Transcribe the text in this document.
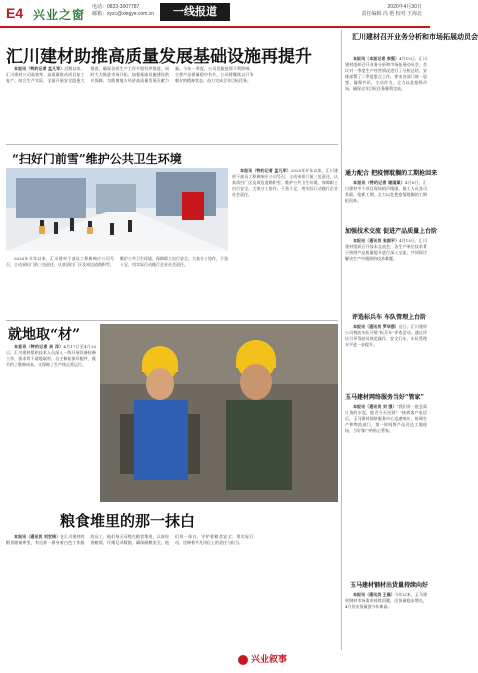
E4 兴业之窗
电话：0833-3007787
邮箱：xyzc@xingye.com.cn	一线报道	2020年4月30日
责任编辑 冯 艳 校对 王海北
汇川建材助推高质量发展基础设施再提升

本报讯（特约记者 孟凡军）近期以来，汇川建材公司高效率、高质量推动项目复工复产，结合生产实际，全面开展安全隐患大排查，确保各项生产工作平稳有序推进。同时大力推进市场开拓，加强基础设施建设供应保障，为助推地方经济高质量发展贡献力量。今年一季度，公司克服疫情不利影响，主要产品销量稳中有升，公司将继续以只争朝夕的精神状态，奋力完成全年目标任务。

“扫好门前雪”维护公共卫生环境

本报讯（特约记者 孟凡军）2020年开年以来，汇川建材干部员工积极响应公司号召，主动承担门前三包责任，认真清扫厂区及周边道路积雪，维护公共卫生环境，保障职工出行安全。大家分工协作，干劲十足，用实际行动践行企业社会责任。

2020年开年以来，汇川建材干部员工积极响应公司号召，主动承担门前三包责任，认真清扫厂区及周边道路积雪，维护公共卫生环境，保障职工出行安全。大家分工协作，干劲十足，用实际行动践行企业社会责任。

汇川建材召开业务分析和市场拓展动员会

本报讯（本报记者 李强）4月15日，汇川建材组织召开业务分析和市场拓展动员会。会议对一季度生产经营情况进行了分析总结，安排部署了二季度重点工作，要求各部门统一思想、凝聚共识，主动作为，全力以赴抢抓市场，确保全年目标任务顺利完成。

通力配合 把疫情耽搁的工期抢回来

本报讯（特约记者 谢国斌）4月6日，汇川建材多个项目现场机声隆隆，施工人员各司其职，抢抓工期，全力以赴把疫情耽搁的工期抢回来。

加强技术交流 促进产品质量上台阶

本报讯（通讯员 张国平）4月15日，汇川建材组织召开技术交流会，各生产单位技术骨干围绕产品质量提升进行深入交流，共同探讨解决生产中遇到的技术难题。

评选标兵车 车队管理上台阶

本报讯（通讯员 罗华强）近日，汇川建材公司物流车队开展“标兵车”评选活动，通过评比引导驾驶员规范操作、安全行车，车队管理水平进一步提升。

玉马建材网络服务当好“管家”

本报讯（通讯员 刘 强）“我们有一批急需订货的水泥，能否今天送到？”接到客户电话后，玉马建材网络服务中心迅速响应，协调生产和物流部门，第一时间将产品送达工地现场，当好客户的贴心管家。

玉马建材钢材出货量持续向好

本报讯（通讯员 王磊）今年以来，玉马建材钢材市场需求持续回暖，出货量稳步增长，4月份出货量创今年新高。

就地取“材”

本报讯（特约记者 吴 洋）4月17日至4月20日，汇川建材组织技术人员深入一线开展设备检修工作，技术骨干就地取材，自主修复损坏配件，既节约了维修成本，又保障了生产线正常运行。

粮食堆里的那一抹白

本报讯（通讯员 刘宏瑛）在汇川建材的粮食储备库里，有这样一群身着白色工作服的员工，他们每天穿梭在粮食堆里，认真检查粮情，仔细记录数据，确保储粮安全。他们用一抹白，守护着粮食安全；用实际行动，诠释着平凡岗位上的责任与担当。

兴业叙事
